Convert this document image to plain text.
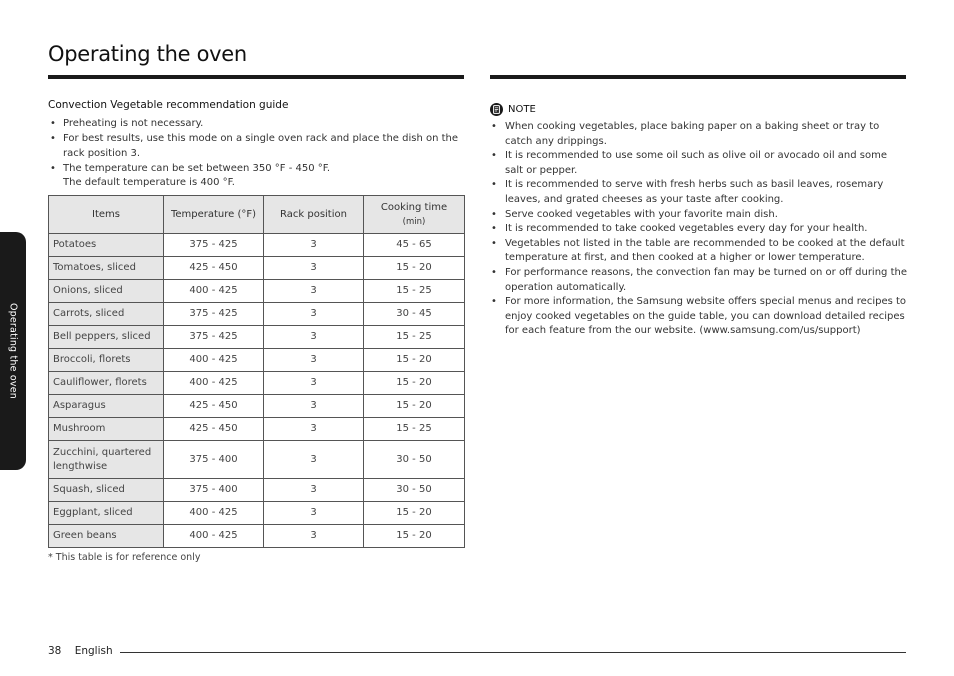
Operating the oven
Operating the oven
Convection Vegetable recommendation guide
• Preheating is not necessary.
• For best results, use this mode on a single oven rack and place the dish on the rack position 3.
• The temperature can be set between 350 °F - 450 °F.
The default temperature is 400 °F.
Items	Temperature (°F)	Rack position	Cooking time
(min)

Potatoes	375 - 425	3	45 - 65
Tomatoes, sliced	425 - 450	3	15 - 20
Onions, sliced	400 - 425	3	15 - 25
Carrots, sliced	375 - 425	3	30 - 45
Bell peppers, sliced	375 - 425	3	15 - 25
Broccoli, florets	400 - 425	3	15 - 20
Cauliflower, florets	400 - 425	3	15 - 20
Asparagus	425 - 450	3	15 - 20
Mushroom	425 - 450	3	15 - 25
Zucchini, quartered lengthwise	375 - 400	3	30 - 50
Squash, sliced	375 - 400	3	30 - 50
Eggplant, sliced	400 - 425	3	15 - 20
Green beans	400 - 425	3	15 - 20
* This table is for reference only
NOTE
• When cooking vegetables, place baking paper on a baking sheet or tray to catch any drippings.
• It is recommended to use some oil such as olive oil or avocado oil and some salt or pepper.
• It is recommended to serve with fresh herbs such as basil leaves, rosemary leaves, and grated cheeses as your taste after cooking.
• Serve cooked vegetables with your favorite main dish.
• It is recommended to take cooked vegetables every day for your health.
• Vegetables not listed in the table are recommended to be cooked at the default temperature at first, and then cooked at a higher or lower temperature.
• For performance reasons, the convection fan may be turned on or off during the operation automatically.
• For more information, the Samsung website offers special menus and recipes to enjoy cooked vegetables on the guide table, you can download detailed recipes for each feature from the our website. (www.samsung.com/us/support)
38 English
